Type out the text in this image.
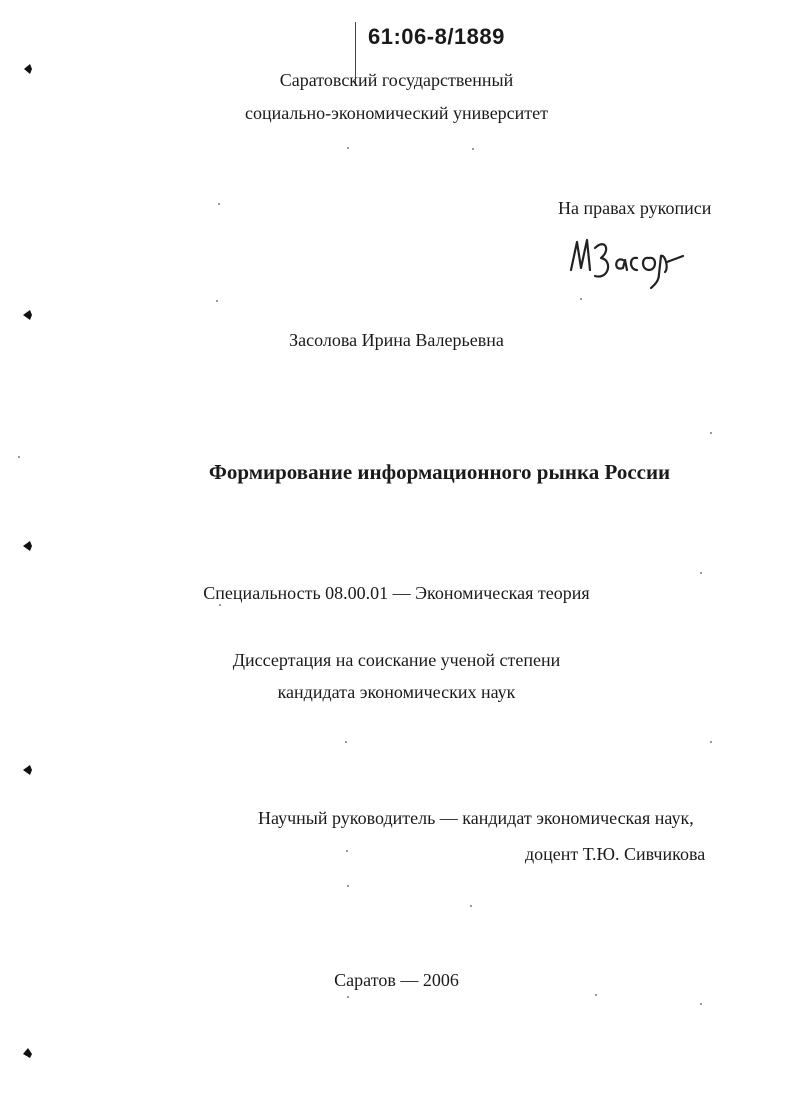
61:06-8/1889
Саратовский государственный
социально-экономический университет
На правах рукописи
Засолова Ирина Валерьевна
Формирование информационного рынка России
Специальность 08.00.01 — Экономическая теория
Диссертация на соискание ученой степени
кандидата экономических наук
Научный руководитель — кандидат экономическая наук,
доцент Т.Ю. Сивчикова
Саратов — 2006
